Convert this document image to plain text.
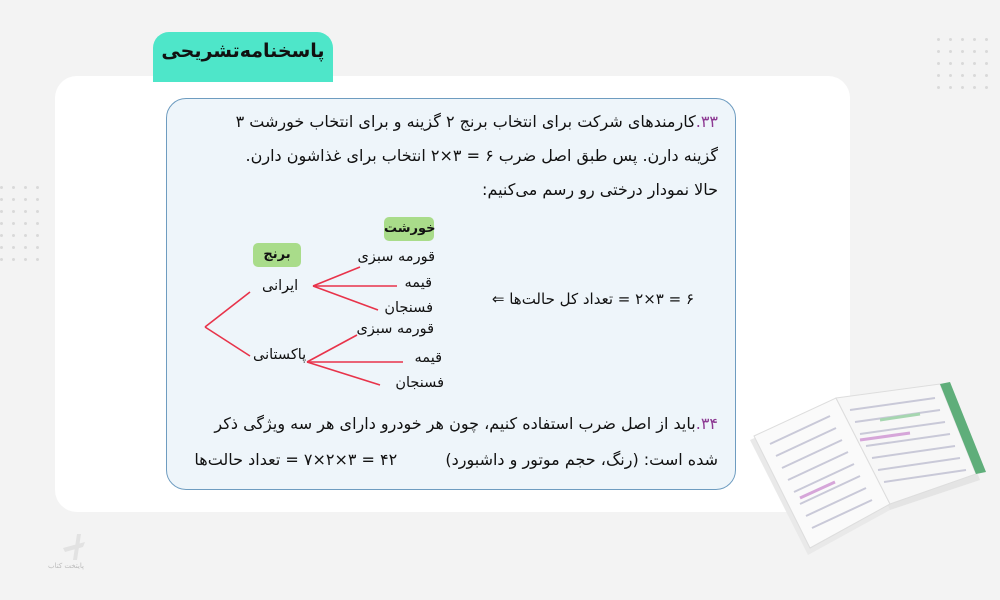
پاسخنامه‌تشریحی
۳۳.کارمندهای شرکت برای انتخاب برنج ۲ گزینه و برای انتخاب خورشت ۳
گزینه دارن. پس طبق اصل ضرب ۶ = ۳×۲ انتخاب برای غذاشون دارن.
حالا نمودار درختی رو رسم می‌کنیم:
خورشت
برنج
ایرانی
پاکستانی
قورمه سبزی
قیمه
فسنجان
قورمه سبزی
قیمه
فسنجان
۶ = ۳×۲ = تعداد کل حالت‌ها ⇐
۳۴.باید از اصل ضرب استفاده کنیم، چون هر خودرو دارای هر سه ویژگی ذکر
شده است: (رنگ، حجم موتور و داشبورد)  ۴۲ = ۳×۲×۷ = تعداد حالت‌ها
پایتخت کتاب
